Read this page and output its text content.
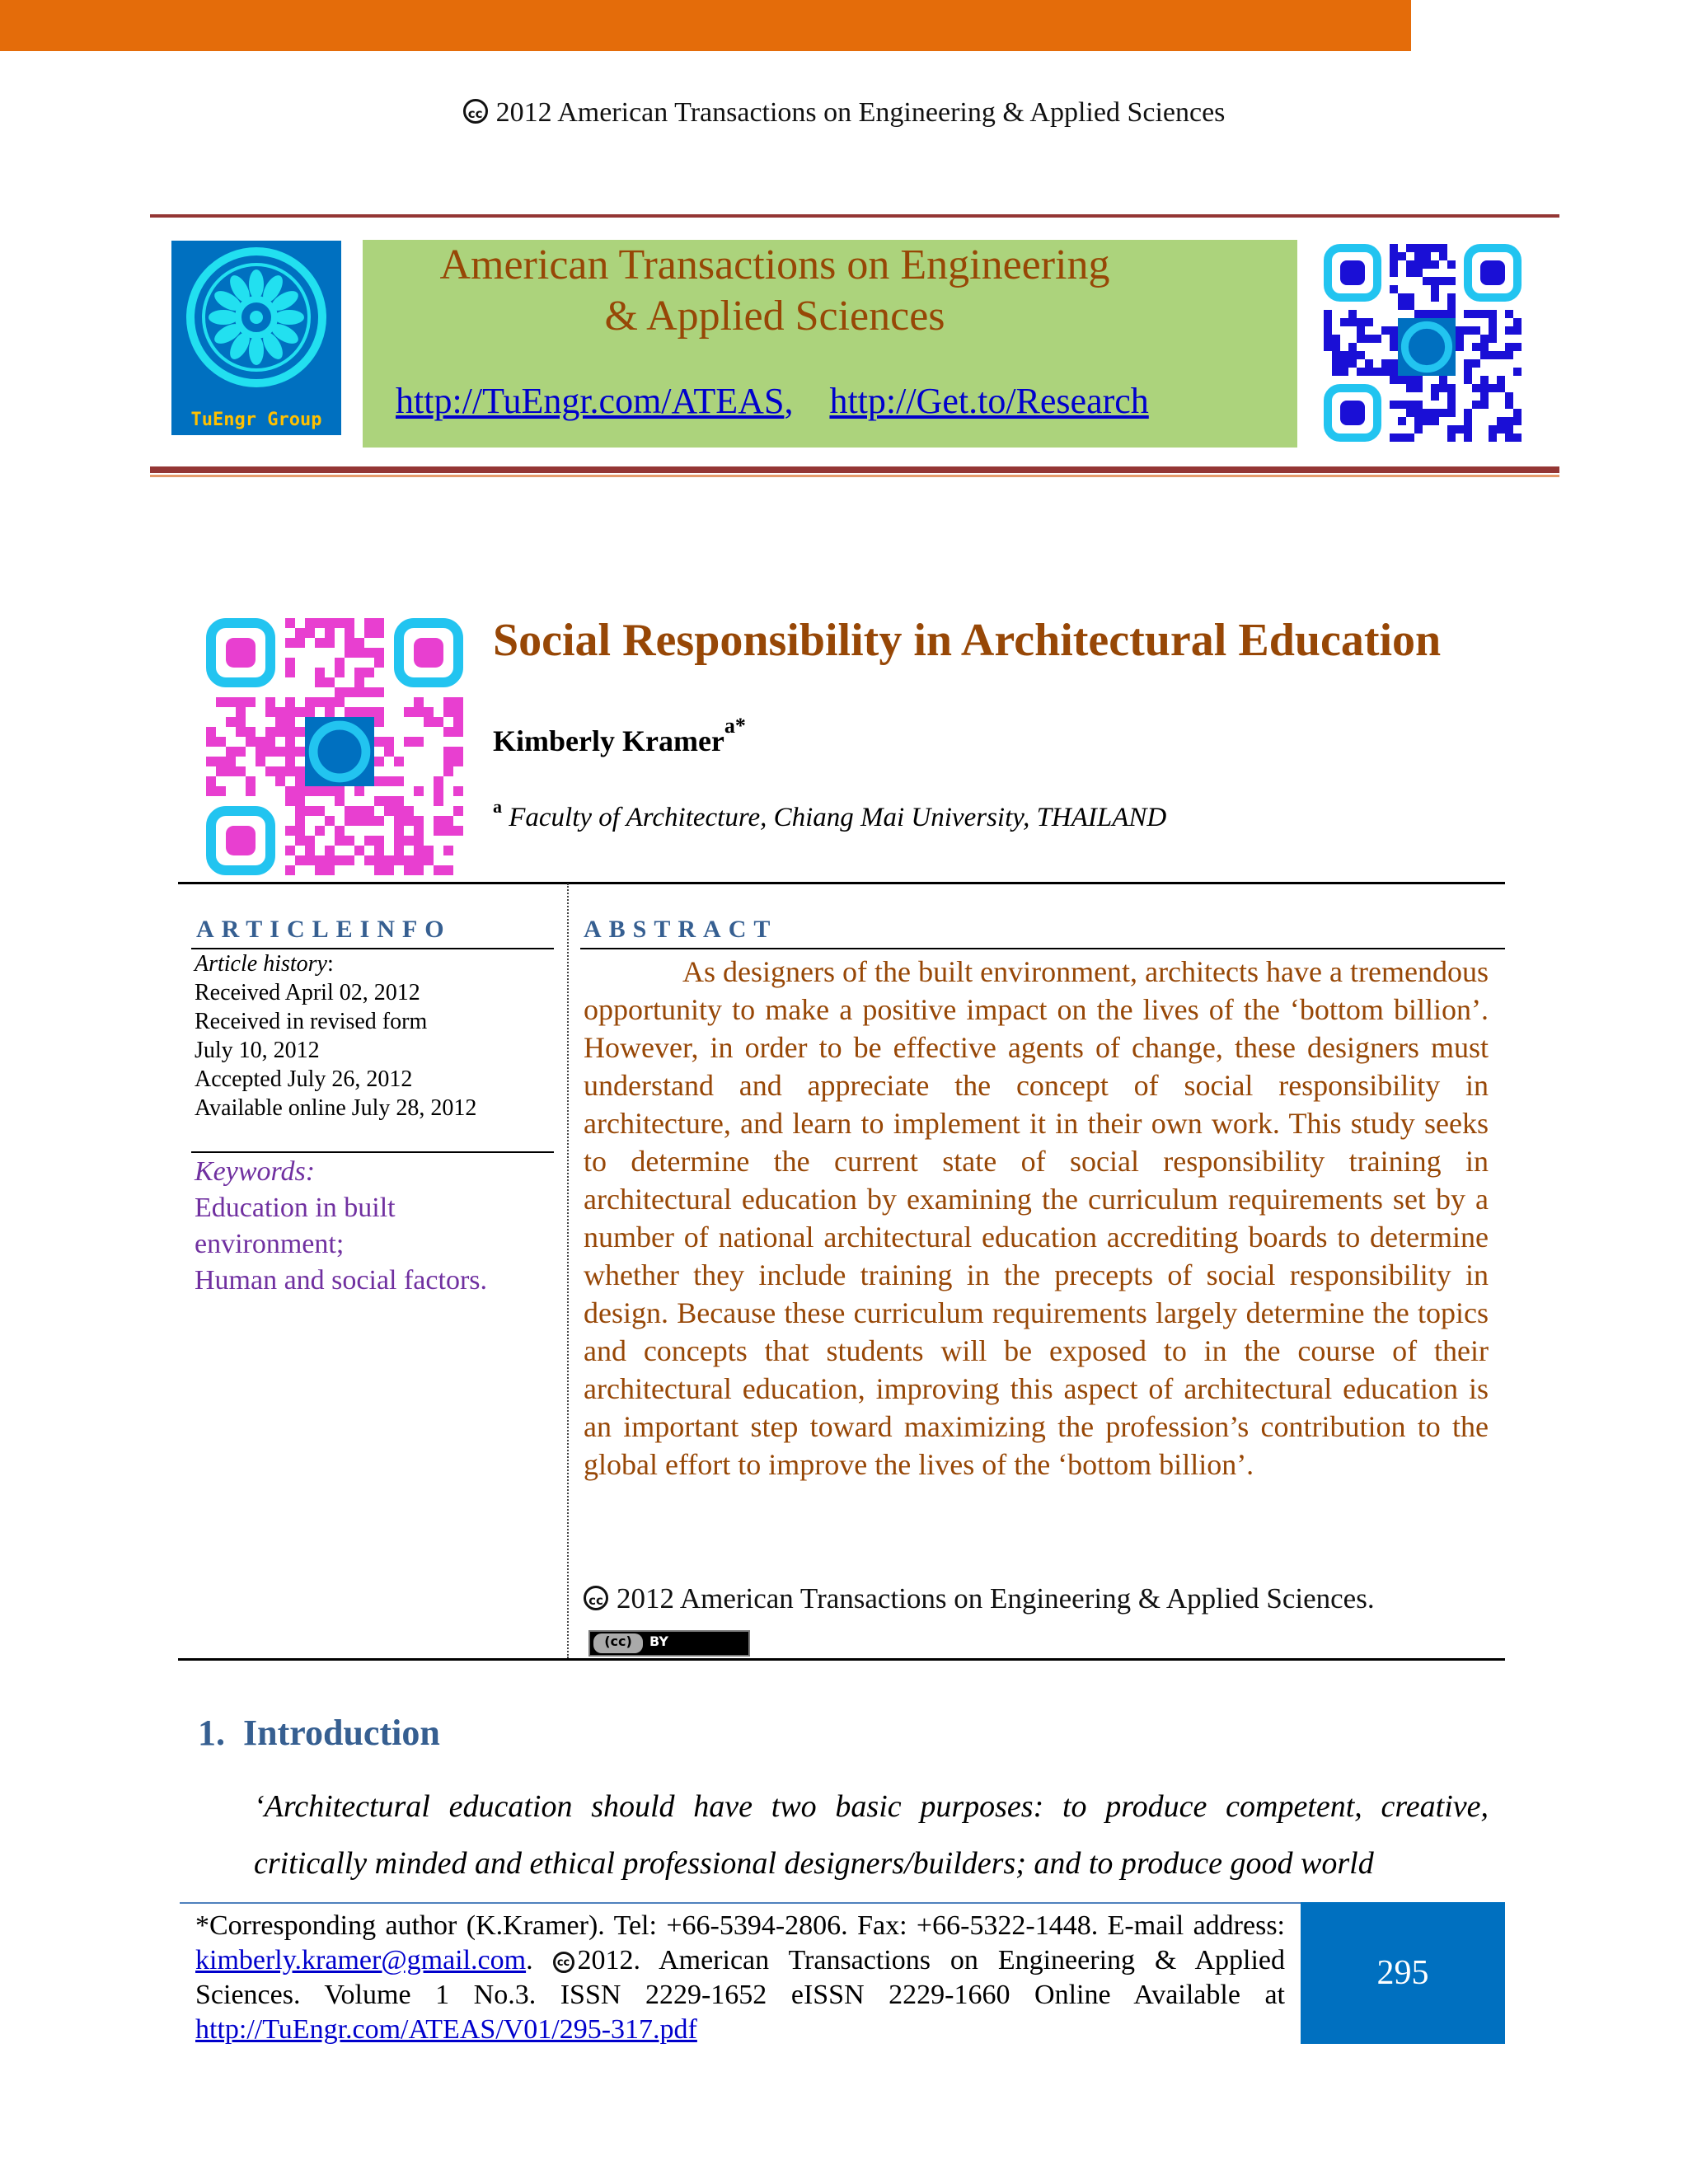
cc 2012 American Transactions on Engineering & Applied Sciences
TuEngr Group
American Transactions on Engineering
& Applied Sciences
http://TuEngr.com/ATEAS, http://Get.to/Research
Social Responsibility in Architectural Education
Kimberly Kramer$^{a*}$
$^a$ Faculty of Architecture, Chiang Mai University, THAILAND
ARTICLEINFO	ABSTRACT
Article history:
Received April 02, 2012
Received in revised form
July 10, 2012
Accepted July 26, 2012
Available online July 28, 2012
Keywords:
Education in built
environment;
Human and social factors.
As designers of the built environment, architects have a tremendous opportunity to make a positive impact on the lives of the ‘bottom billion’. However, in order to be effective agents of change, these designers must understand and appreciate the concept of social responsibility in architecture, and learn to implement it in their own work. This study seeks to determine the current state of social responsibility training in architectural education by examining the curriculum requirements set by a number of national architectural education accrediting boards to determine whether they include training in the precepts of social responsibility in design. Because these curriculum requirements largely determine the topics and concepts that students will be exposed to in the course of their architectural education, improving this aspect of architectural education is an important step toward maximizing the profession’s contribution to the global effort to improve the lives of the ‘bottom billion’.
cc 2012 American Transactions on Engineering & Applied Sciences.
(cc)	BY
1. Introduction
‘Architectural education should have two basic purposes: to produce competent, creative, critically minded and ethical professional designers/builders; and to produce good world
*Corresponding author (K.Kramer). Tel: +66-5394-2806. Fax: +66-5322-1448. E-mail address: kimberly.kramer@gmail.com. cc 2012. American Transactions on Engineering & Applied Sciences. Volume 1 No.3. ISSN 2229-1652 eISSN 2229-1660 Online Available at http://TuEngr.com/ATEAS/V01/295-317.pdf
295
